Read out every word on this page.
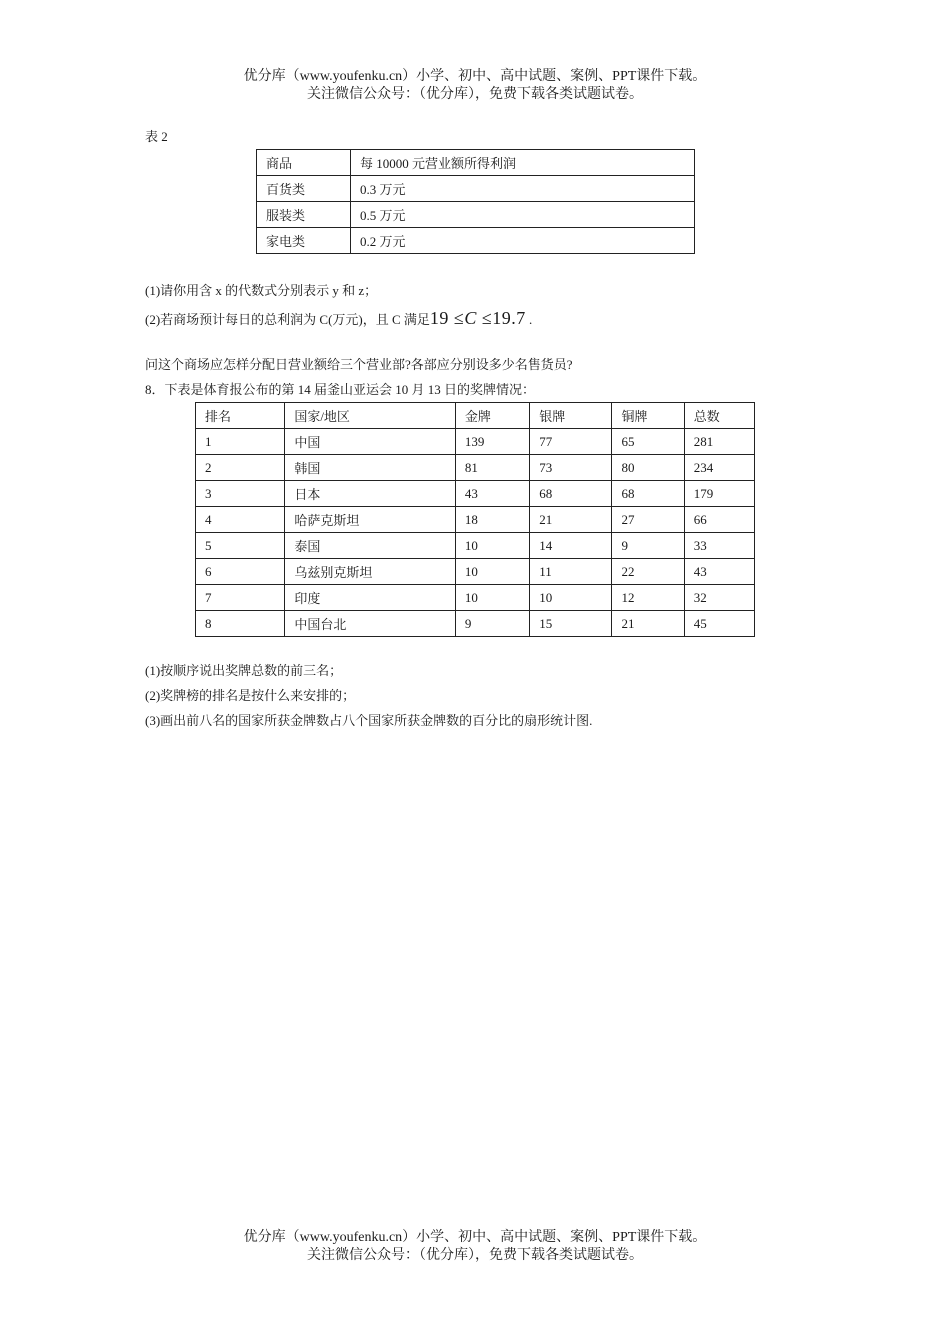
优分库（www.youfenku.cn）小学、初中、高中试题、案例、PPT课件下载。
关注微信公众号：（优分库），免费下载各类试题试卷。
表 2
商品	每 10000 元营业额所得利润
百货类	0.3 万元
服装类	0.5 万元
家电类	0.2 万元
(1)请你用含 x 的代数式分别表示 y 和 z；
(2)若商场预计每日的总利润为 C(万元)，且 C 满足19 ≤C ≤19.7 .
问这个商场应怎样分配日营业额给三个营业部?各部应分别设多少名售货员?
8．下表是体育报公布的第 14 届釜山亚运会 10 月 13 日的奖牌情况：
排名	国家/地区	金牌	银牌	铜牌	总数
1	中国	139	77	65	281
2	韩国	81	73	80	234
3	日本	43	68	68	179
4	哈萨克斯坦	18	21	27	66
5	泰国	10	14	9	33
6	乌兹别克斯坦	10	11	22	43
7	印度	10	10	12	32
8	中国台北	9	15	21	45
(1)按顺序说出奖牌总数的前三名；
(2)奖牌榜的排名是按什么来安排的；
(3)画出前八名的国家所获金牌数占八个国家所获金牌数的百分比的扇形统计图.
优分库（www.youfenku.cn）小学、初中、高中试题、案例、PPT课件下载。
关注微信公众号：（优分库），免费下载各类试题试卷。
